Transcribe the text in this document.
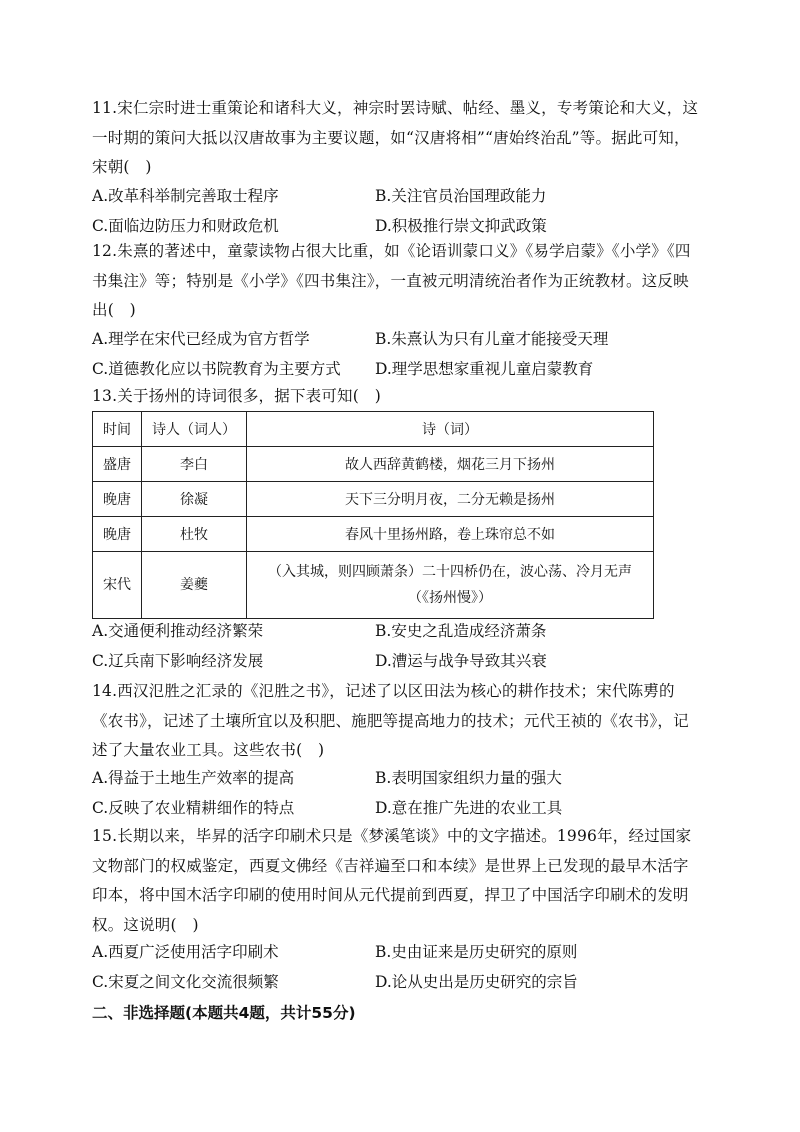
11.宋仁宗时进士重策论和诸科大义，神宗时罢诗赋、帖经、墨义，专考策论和大义，这一时期的策问大抵以汉唐故事为主要议题，如“汉唐将相”“唐始终治乱”等。据此可知，宋朝(　)
A.改革科举制完善取士程序	B.关注官员治国理政能力
C.面临边防压力和财政危机	D.积极推行崇文抑武政策
12.朱熹的著述中，童蒙读物占很大比重，如《论语训蒙口义》《易学启蒙》《小学》《四书集注》等；特别是《小学》《四书集注》，一直被元明清统治者作为正统教材。这反映出(　)
A.理学在宋代已经成为官方哲学	B.朱熹认为只有儿童才能接受天理
C.道德教化应以书院教育为主要方式 D.理学思想家重视儿童启蒙教育
13.关于扬州的诗词很多，据下表可知(　)
时间	诗人（词人）	诗（词）
盛唐	李白	故人西辞黄鹤楼，烟花三月下扬州
晚唐	徐凝	天下三分明月夜，二分无赖是扬州
晚唐	杜牧	春风十里扬州路，卷上珠帘总不如
宋代	姜夔	（入其城，则四顾萧条）二十四桥仍在，波心荡、冷月无声（《扬州慢》）
A.交通便利推动经济繁荣	B.安史之乱造成经济萧条
C.辽兵南下影响经济发展	D.漕运与战争导致其兴衰
14.西汉氾胜之汇录的《氾胜之书》，记述了以区田法为核心的耕作技术；宋代陈旉的《农书》，记述了土壤所宜以及积肥、施肥等提高地力的技术；元代王祯的《农书》，记述了大量农业工具。这些农书(　)
A.得益于土地生产效率的提高	B.表明国家组织力量的强大
C.反映了农业精耕细作的特点	D.意在推广先进的农业工具
15.长期以来，毕昇的活字印刷术只是《梦溪笔谈》中的文字描述。1996年，经过国家文物部门的权威鉴定，西夏文佛经《吉祥遍至口和本续》是世界上已发现的最早木活字印本，将中国木活字印刷的使用时间从元代提前到西夏，捍卫了中国活字印刷术的发明权。这说明(　)
A.西夏广泛使用活字印刷术	B.史由证来是历史研究的原则
C.宋夏之间文化交流很频繁	D.论从史出是历史研究的宗旨
二、非选择题(本题共4题，共计55分)
